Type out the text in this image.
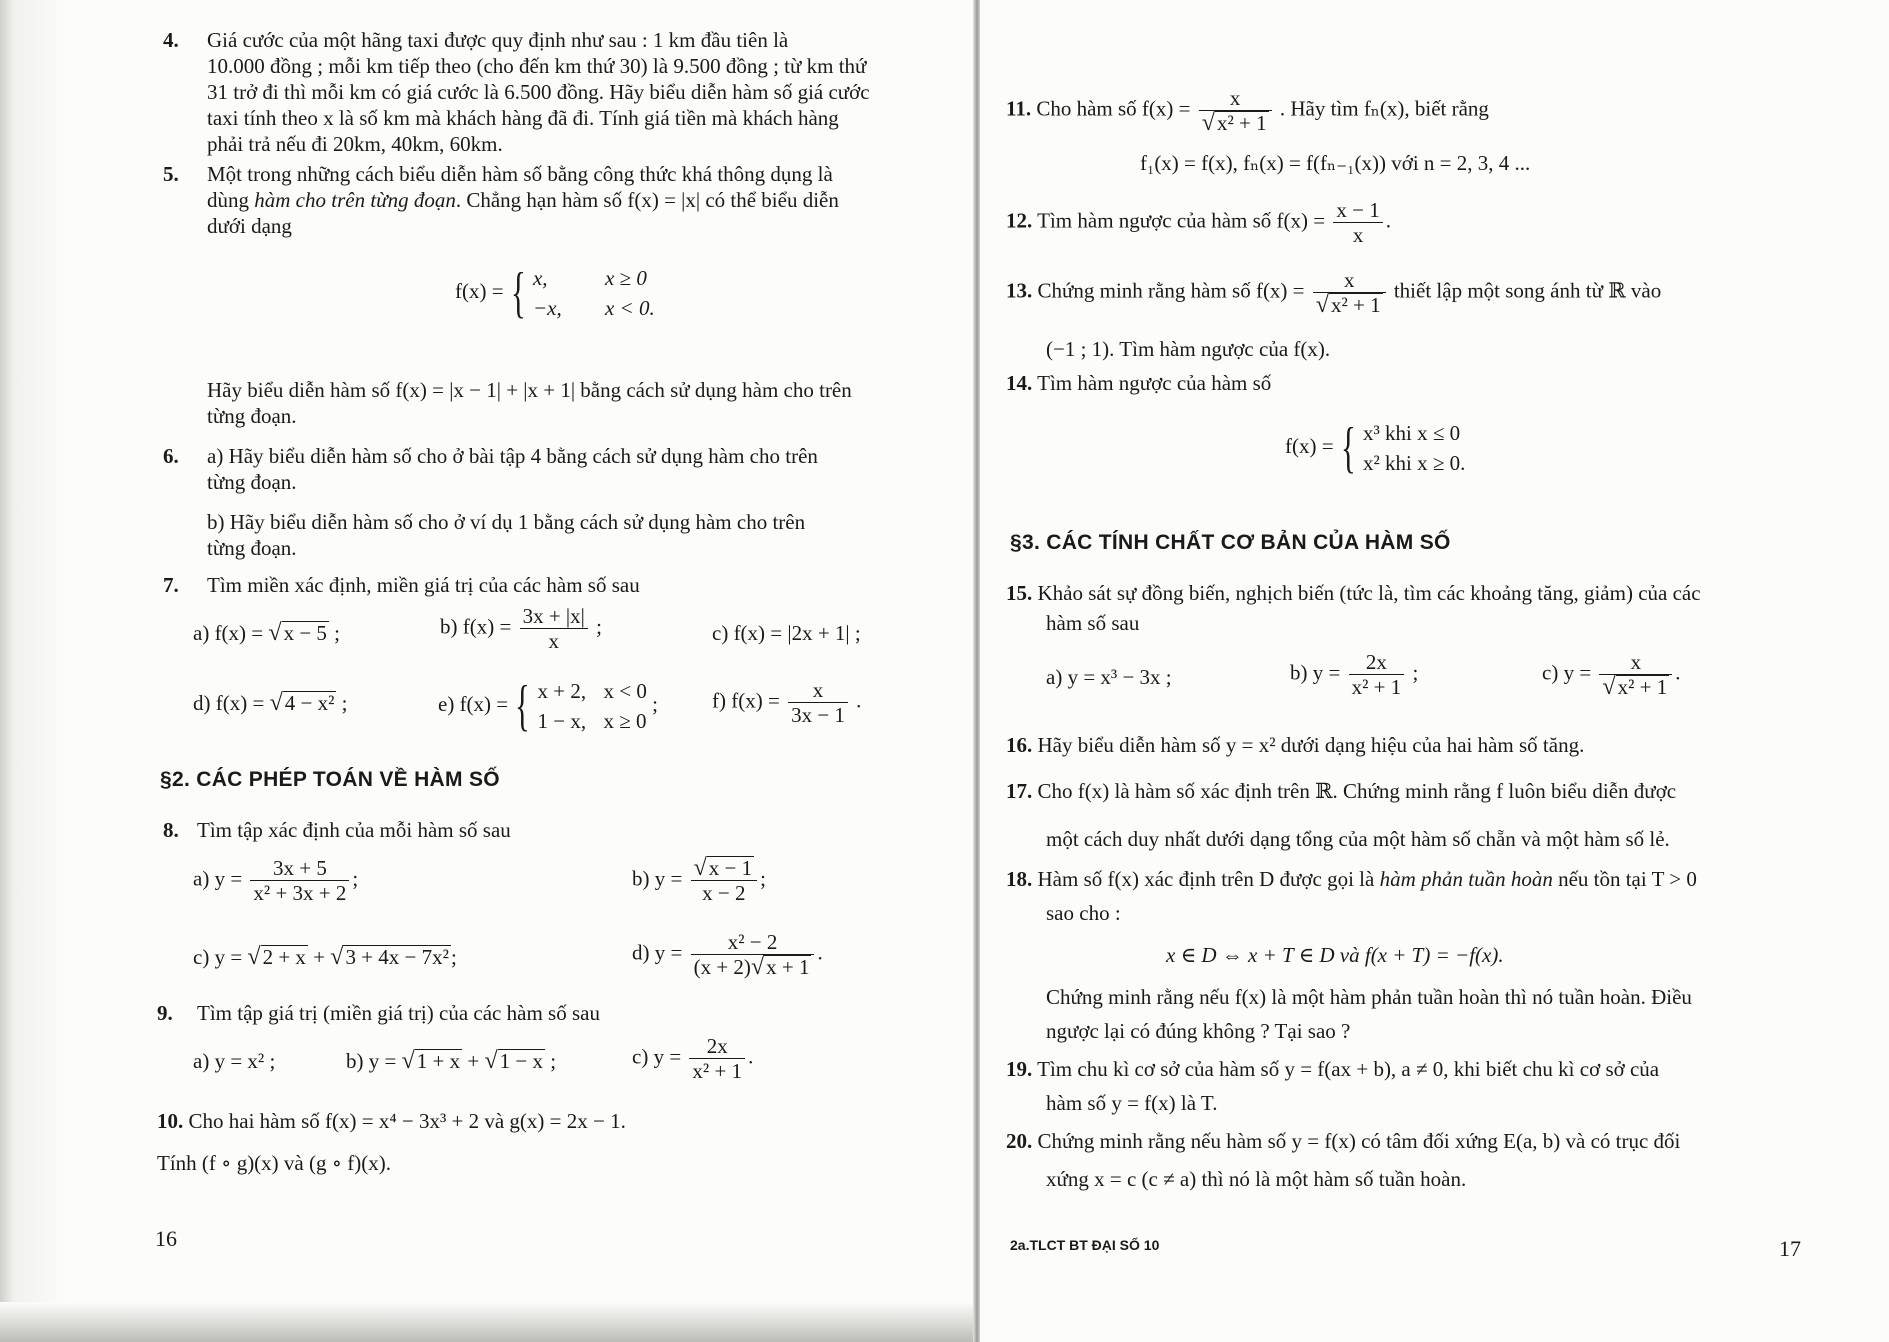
4. Giá cước của một hãng taxi được quy định như sau : 1 km đầu tiên là
10.000 đồng ; mỗi km tiếp theo (cho đến km thứ 30) là 9.500 đồng ; từ km thứ
31 trở đi thì mỗi km có giá cước là 6.500 đồng. Hãy biểu diễn hàm số giá cước
taxi tính theo x là số km mà khách hàng đã đi. Tính giá tiền mà khách hàng
phải trả nếu đi 20km, 40km, 60km.
5. Một trong những cách biểu diễn hàm số bằng công thức khá thông dụng là
dùng hàm cho trên từng đoạn. Chẳng hạn hàm số f(x) = |x| có thể biểu diễn
dưới dạng
f(x) = { x,	x ≥ 0
−x, x < 0.
Hãy biểu diễn hàm số f(x) = |x − 1| + |x + 1| bằng cách sử dụng hàm cho trên
từng đoạn.
6. a) Hãy biểu diễn hàm số cho ở bài tập 4 bằng cách sử dụng hàm cho trên
từng đoạn.
b) Hãy biểu diễn hàm số cho ở ví dụ 1 bằng cách sử dụng hàm cho trên
từng đoạn.
7. Tìm miền xác định, miền giá trị của các hàm số sau
a) f(x) = √x − 5 ;	b) $f(x) = \frac{3x + |x|}{x}$ ;	c) f(x) = |2x + 1| ;
d) f(x) = √4 − x² ;	e) f(x) = { x + 2, x < 0
1 − x, x ≥ 0
;	f) $f(x) = \frac{x}{3x - 1}$ .
§2. CÁC PHÉP TOÁN VỀ HÀM SỐ
8. Tìm tập xác định của mỗi hàm số sau
a) $y = \frac{3x + 5}{\text{x² + 3x + 2}}$ ;	b) $y = \frac{√x - 1}{x - 2}$ ;
c) y = √2 + x + √3 + 4x − 7x²;	d) $y = \frac{\text{x² − 2}}{(x + 2)√x + 1}$ .
9. Tìm tập giá trị (miền giá trị) của các hàm số sau
a) y = x² ;	b) y = √1 + x + √1 − x ;	c) $y = \frac{2x}{\text{x² + 1}}$ .
10. Cho hai hàm số f(x) = x⁴ − 3x³ + 2 và g(x) = 2x − 1.
Tính (f ∘ g)(x) và (g ∘ f)(x).
16
11. Cho hàm số $f(x) = \frac{x}{\text{√x² + 1}}$ . Hãy tìm fₙ(x), biết rằng
f₁(x) = f(x), fₙ(x) = f(fₙ₋₁(x)) với n = 2, 3, 4 ...
12. Tìm hàm ngược của hàm số $f(x) = \frac{x - 1}{x}$ .
13. Chứng minh rằng hàm số $f(x) = \frac{x}{\text{√x² + 1}}$ thiết lập một song ánh từ ℝ vào
(−1 ; 1). Tìm hàm ngược của f(x).
14. Tìm hàm ngược của hàm số
f(x) = { x³ khi x ≤ 0
x² khi x ≥ 0.
§3. CÁC TÍNH CHẤT CƠ BẢN CỦA HÀM SỐ
15. Khảo sát sự đồng biến, nghịch biến (tức là, tìm các khoảng tăng, giảm) của các
hàm số sau
a) y = x³ − 3x ;	b) $y = \frac{2x}{\text{x² + 1}}$ ;	c) $y = \frac{x}{\text{√x² + 1}}$ .
16. Hãy biểu diễn hàm số y = x² dưới dạng hiệu của hai hàm số tăng.
17. Cho f(x) là hàm số xác định trên ℝ. Chứng minh rằng f luôn biểu diễn được
một cách duy nhất dưới dạng tổng của một hàm số chẵn và một hàm số lẻ.
18. Hàm số f(x) xác định trên D được gọi là hàm phản tuần hoàn nếu tồn tại T > 0
sao cho :
x ∈ D ⇔ x + T ∈ D và f(x + T) = −f(x).
Chứng minh rằng nếu f(x) là một hàm phản tuần hoàn thì nó tuần hoàn. Điều
ngược lại có đúng không ? Tại sao ?
19. Tìm chu kì cơ sở của hàm số y = f(ax + b), a ≠ 0, khi biết chu kì cơ sở của
hàm số y = f(x) là T.
20. Chứng minh rằng nếu hàm số y = f(x) có tâm đối xứng E(a, b) và có trục đối
xứng x = c (c ≠ a) thì nó là một hàm số tuần hoàn.
2a.TLCT BT ĐẠI SỐ 10	17
